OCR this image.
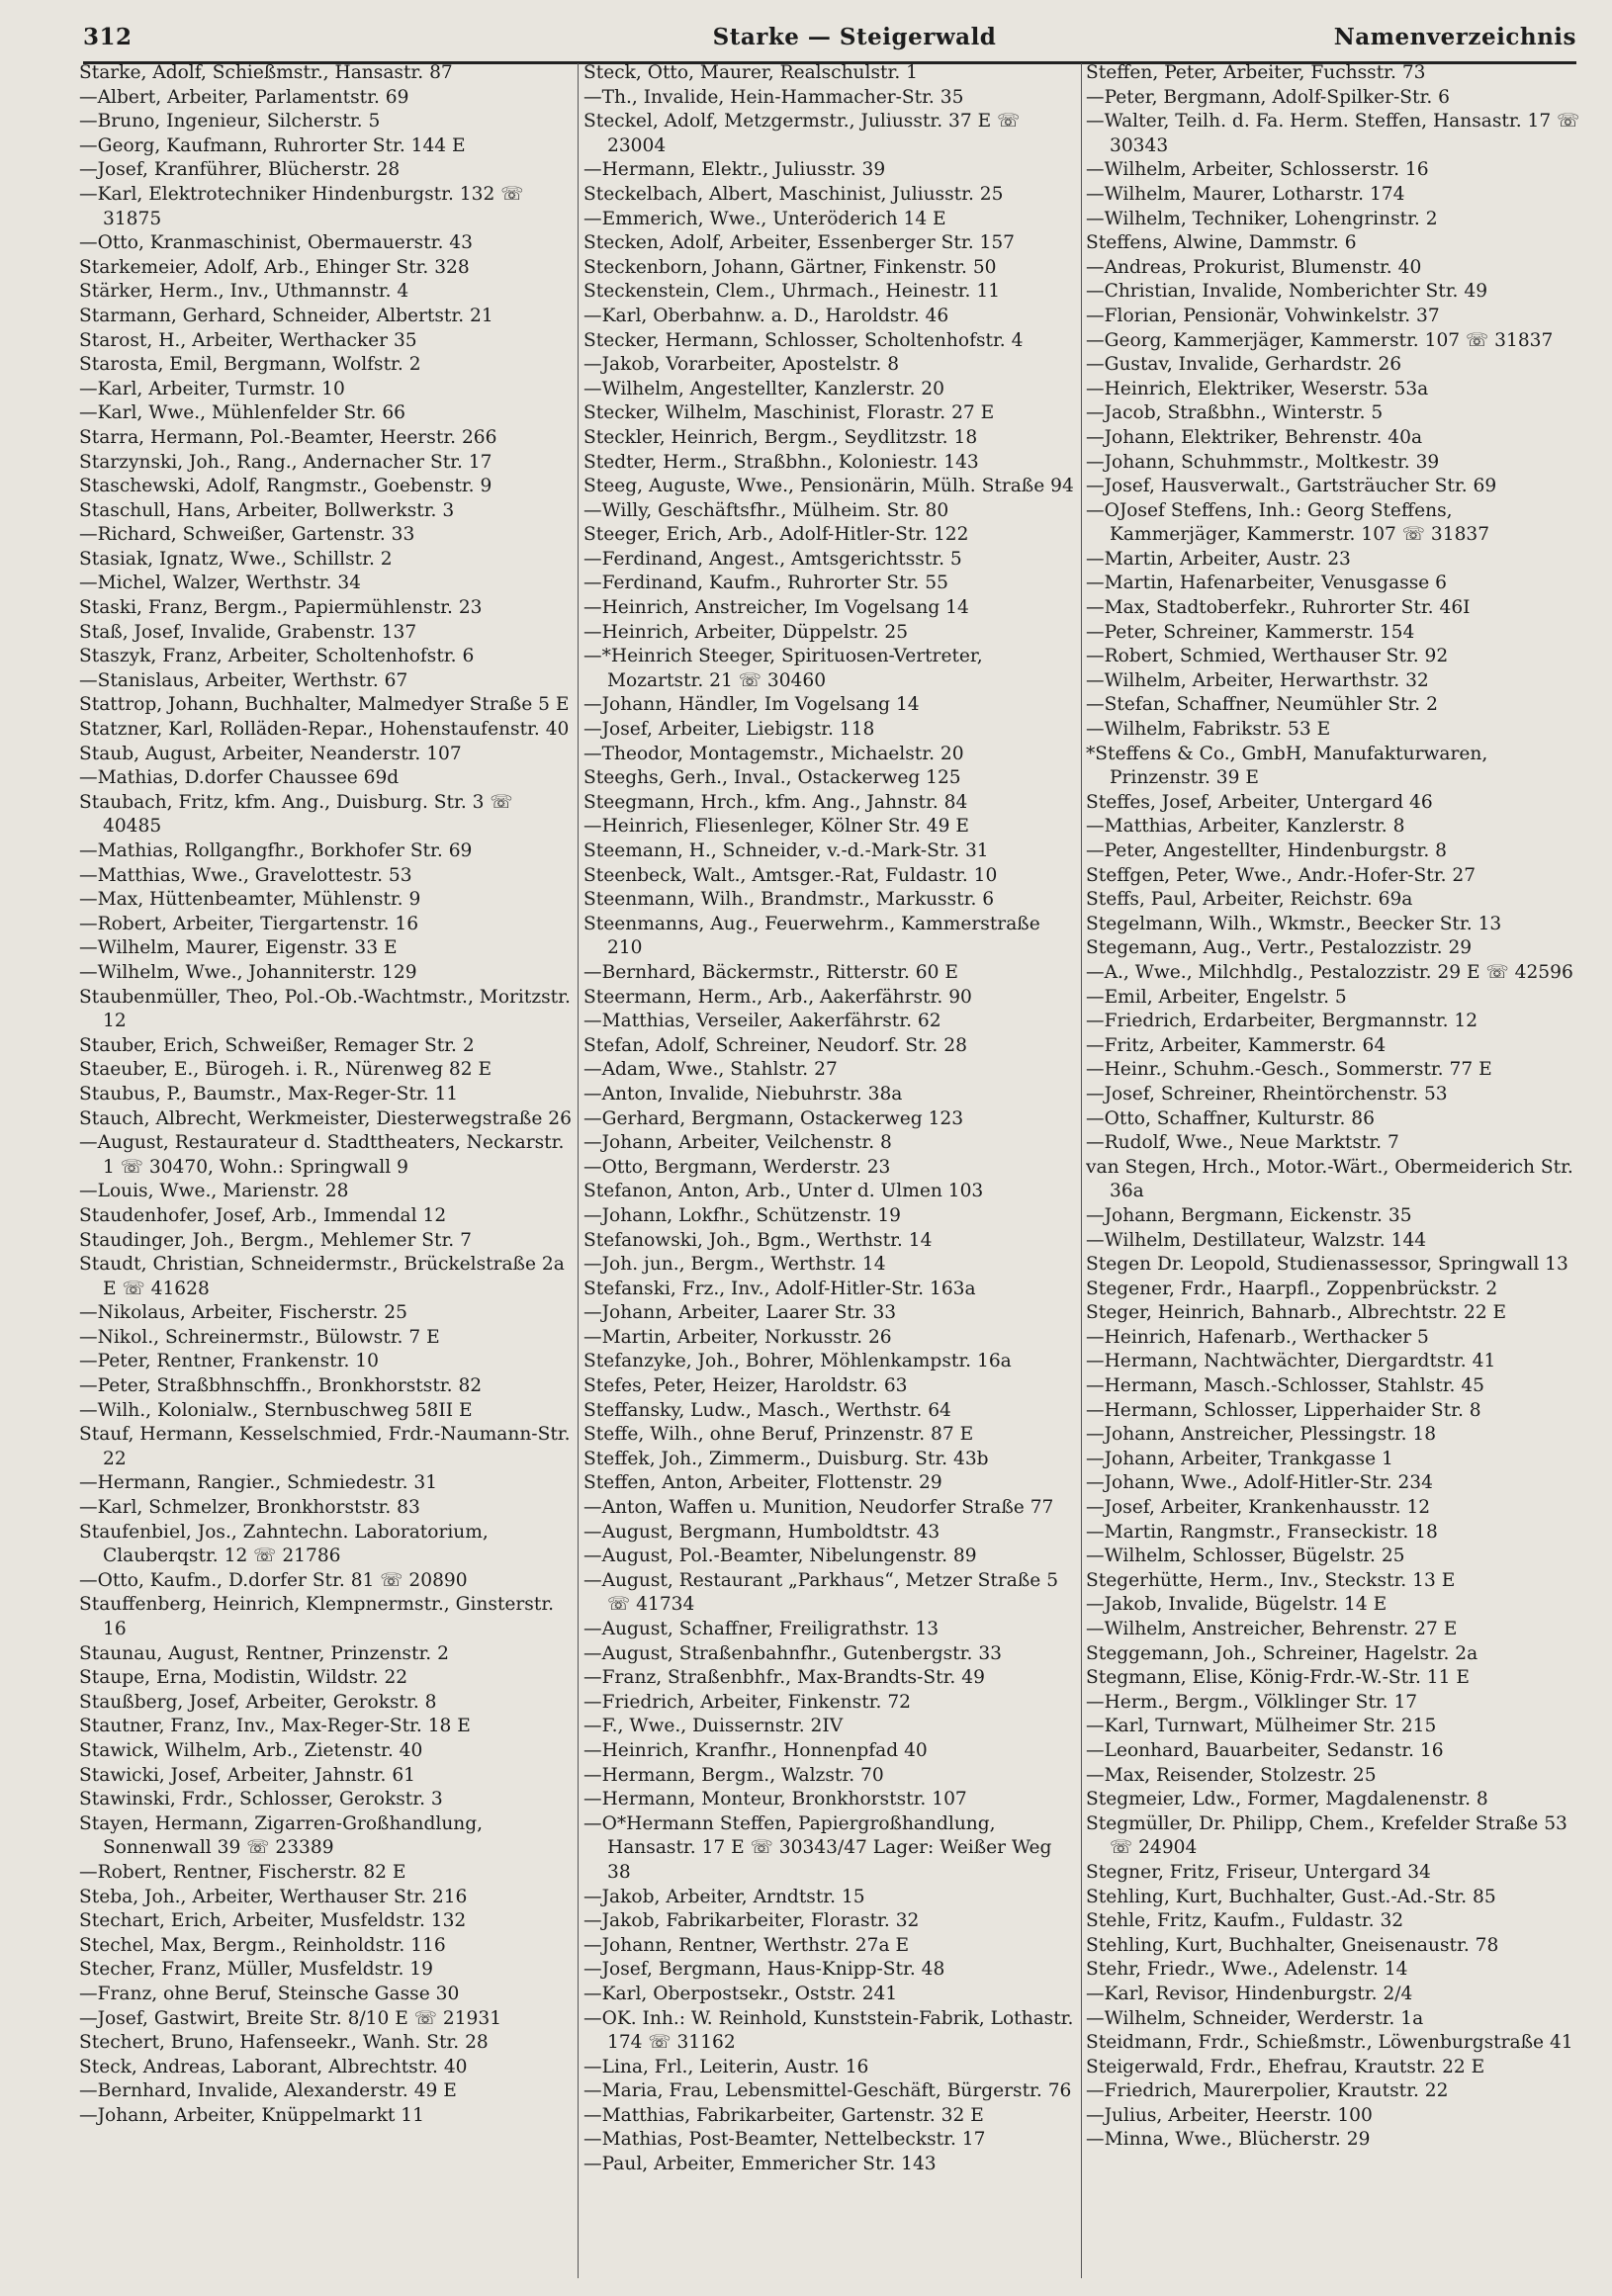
312	Starke — Steigerwald	Namenverzeichnis
Starke, Adolf, Schießmstr., Hansastr. 87
—Albert, Arbeiter, Parlamentstr. 69
—Bruno, Ingenieur, Silcherstr. 5
—Georg, Kaufmann, Ruhrorter Str. 144 E
—Josef, Kranführer, Blücherstr. 28
—Karl, Elektrotechniker Hindenburgstr. 132 ☏ 31875
—Otto, Kranmaschinist, Obermauerstr. 43
Starkemeier, Adolf, Arb., Ehinger Str. 328
Stärker, Herm., Inv., Uthmannstr. 4
Starmann, Gerhard, Schneider, Albertstr. 21
Starost, H., Arbeiter, Werthacker 35
Starosta, Emil, Bergmann, Wolfstr. 2
—Karl, Arbeiter, Turmstr. 10
—Karl, Wwe., Mühlenfelder Str. 66
Starra, Hermann, Pol.-Beamter, Heerstr. 266
Starzynski, Joh., Rang., Andernacher Str. 17
Staschewski, Adolf, Rangmstr., Goebenstr. 9
Staschull, Hans, Arbeiter, Bollwerkstr. 3
—Richard, Schweißer, Gartenstr. 33
Stasiak, Ignatz, Wwe., Schillstr. 2
—Michel, Walzer, Werthstr. 34
Staski, Franz, Bergm., Papiermühlenstr. 23
Staß, Josef, Invalide, Grabenstr. 137
Staszyk, Franz, Arbeiter, Scholtenhofstr. 6
—Stanislaus, Arbeiter, Werthstr. 67
Stattrop, Johann, Buchhalter, Malmedyer Straße 5 E
Statzner, Karl, Rolläden-Repar., Hohenstaufenstr. 40
Staub, August, Arbeiter, Neanderstr. 107
—Mathias, D.dorfer Chaussee 69d
Staubach, Fritz, kfm. Ang., Duisburg. Str. 3 ☏ 40485
—Mathias, Rollgangfhr., Borkhofer Str. 69
—Matthias, Wwe., Gravelottestr. 53
—Max, Hüttenbeamter, Mühlenstr. 9
—Robert, Arbeiter, Tiergartenstr. 16
—Wilhelm, Maurer, Eigenstr. 33 E
—Wilhelm, Wwe., Johanniterstr. 129
Staubenmüller, Theo, Pol.-Ob.-Wachtmstr., Moritzstr. 12
Stauber, Erich, Schweißer, Remager Str. 2
Staeuber, E., Bürogeh. i. R., Nürenweg 82 E
Staubus, P., Baumstr., Max-Reger-Str. 11
Stauch, Albrecht, Werkmeister, Diesterwegstraße 26
—August, Restaurateur d. Stadttheaters, Neckarstr. 1 ☏ 30470, Wohn.: Springwall 9
—Louis, Wwe., Marienstr. 28
Staudenhofer, Josef, Arb., Immendal 12
Staudinger, Joh., Bergm., Mehlemer Str. 7
Staudt, Christian, Schneidermstr., Brückelstraße 2a E ☏ 41628
—Nikolaus, Arbeiter, Fischerstr. 25
—Nikol., Schreinermstr., Bülowstr. 7 E
—Peter, Rentner, Frankenstr. 10
—Peter, Straßbhnschffn., Bronkhorststr. 82
—Wilh., Kolonialw., Sternbuschweg 58II E
Stauf, Hermann, Kesselschmied, Frdr.-Naumann-Str. 22
—Hermann, Rangier., Schmiedestr. 31
—Karl, Schmelzer, Bronkhorststr. 83
Staufenbiel, Jos., Zahntechn. Laboratorium, Clauberqstr. 12 ☏ 21786
—Otto, Kaufm., D.dorfer Str. 81 ☏ 20890
Stauffenberg, Heinrich, Klempnermstr., Ginsterstr. 16
Staunau, August, Rentner, Prinzenstr. 2
Staupe, Erna, Modistin, Wildstr. 22
Staußberg, Josef, Arbeiter, Gerokstr. 8
Stautner, Franz, Inv., Max-Reger-Str. 18 E
Stawick, Wilhelm, Arb., Zietenstr. 40
Stawicki, Josef, Arbeiter, Jahnstr. 61
Stawinski, Frdr., Schlosser, Gerokstr. 3
Stayen, Hermann, Zigarren-Großhandlung, Sonnenwall 39 ☏ 23389
—Robert, Rentner, Fischerstr. 82 E
Steba, Joh., Arbeiter, Werthauser Str. 216
Stechart, Erich, Arbeiter, Musfeldstr. 132
Stechel, Max, Bergm., Reinholdstr. 116
Stecher, Franz, Müller, Musfeldstr. 19
—Franz, ohne Beruf, Steinsche Gasse 30
—Josef, Gastwirt, Breite Str. 8/10 E ☏ 21931
Stechert, Bruno, Hafenseekr., Wanh. Str. 28
Steck, Andreas, Laborant, Albrechtstr. 40
—Bernhard, Invalide, Alexanderstr. 49 E
—Johann, Arbeiter, Knüppelmarkt 11
Steck, Otto, Maurer, Realschulstr. 1
—Th., Invalide, Hein-Hammacher-Str. 35
Steckel, Adolf, Metzgermstr., Juliusstr. 37 E ☏ 23004
—Hermann, Elektr., Juliusstr. 39
Steckelbach, Albert, Maschinist, Juliusstr. 25
—Emmerich, Wwe., Unteröderich 14 E
Stecken, Adolf, Arbeiter, Essenberger Str. 157
Steckenborn, Johann, Gärtner, Finkenstr. 50
Steckenstein, Clem., Uhrmach., Heinestr. 11
—Karl, Oberbahnw. a. D., Haroldstr. 46
Stecker, Hermann, Schlosser, Scholtenhofstr. 4
—Jakob, Vorarbeiter, Apostelstr. 8
—Wilhelm, Angestellter, Kanzlerstr. 20
Stecker, Wilhelm, Maschinist, Florastr. 27 E
Steckler, Heinrich, Bergm., Seydlitzstr. 18
Stedter, Herm., Straßbhn., Koloniestr. 143
Steeg, Auguste, Wwe., Pensionärin, Mülh. Straße 94
—Willy, Geschäftsfhr., Mülheim. Str. 80
Steeger, Erich, Arb., Adolf-Hitler-Str. 122
—Ferdinand, Angest., Amtsgerichtsstr. 5
—Ferdinand, Kaufm., Ruhrorter Str. 55
—Heinrich, Anstreicher, Im Vogelsang 14
—Heinrich, Arbeiter, Düppelstr. 25
—*Heinrich Steeger, Spirituosen-Vertreter, Mozartstr. 21 ☏ 30460
—Johann, Händler, Im Vogelsang 14
—Josef, Arbeiter, Liebigstr. 118
—Theodor, Montagemstr., Michaelstr. 20
Steeghs, Gerh., Inval., Ostackerweg 125
Steegmann, Hrch., kfm. Ang., Jahnstr. 84
—Heinrich, Fliesenleger, Kölner Str. 49 E
Steemann, H., Schneider, v.-d.-Mark-Str. 31
Steenbeck, Walt., Amtsger.-Rat, Fuldastr. 10
Steenmann, Wilh., Brandmstr., Markusstr. 6
Steenmanns, Aug., Feuerwehrm., Kammerstraße 210
—Bernhard, Bäckermstr., Ritterstr. 60 E
Steermann, Herm., Arb., Aakerfährstr. 90
—Matthias, Verseiler, Aakerfährstr. 62
Stefan, Adolf, Schreiner, Neudorf. Str. 28
—Adam, Wwe., Stahlstr. 27
—Anton, Invalide, Niebuhrstr. 38a
—Gerhard, Bergmann, Ostackerweg 123
—Johann, Arbeiter, Veilchenstr. 8
—Otto, Bergmann, Werderstr. 23
Stefanon, Anton, Arb., Unter d. Ulmen 103
—Johann, Lokfhr., Schützenstr. 19
Stefanowski, Joh., Bgm., Werthstr. 14
—Joh. jun., Bergm., Werthstr. 14
Stefanski, Frz., Inv., Adolf-Hitler-Str. 163a
—Johann, Arbeiter, Laarer Str. 33
—Martin, Arbeiter, Norkusstr. 26
Stefanzyke, Joh., Bohrer, Möhlenkampstr. 16a
Stefes, Peter, Heizer, Haroldstr. 63
Steffansky, Ludw., Masch., Werthstr. 64
Steffe, Wilh., ohne Beruf, Prinzenstr. 87 E
Steffek, Joh., Zimmerm., Duisburg. Str. 43b
Steffen, Anton, Arbeiter, Flottenstr. 29
—Anton, Waffen u. Munition, Neudorfer Straße 77
—August, Bergmann, Humboldtstr. 43
—August, Pol.-Beamter, Nibelungenstr. 89
—August, Restaurant „Parkhaus“, Metzer Straße 5 ☏ 41734
—August, Schaffner, Freiligrathstr. 13
—August, Straßenbahnfhr., Gutenbergstr. 33
—Franz, Straßenbhfr., Max-Brandts-Str. 49
—Friedrich, Arbeiter, Finkenstr. 72
—F., Wwe., Duissernstr. 2IV
—Heinrich, Kranfhr., Honnenpfad 40
—Hermann, Bergm., Walzstr. 70
—Hermann, Monteur, Bronkhorststr. 107
—O*Hermann Steffen, Papiergroßhandlung, Hansastr. 17 E ☏ 30343/47 Lager: Weißer Weg 38
—Jakob, Arbeiter, Arndtstr. 15
—Jakob, Fabrikarbeiter, Florastr. 32
—Johann, Rentner, Werthstr. 27a E
—Josef, Bergmann, Haus-Knipp-Str. 48
—Karl, Oberpostsekr., Oststr. 241
—OK. Inh.: W. Reinhold, Kunststein-Fabrik, Lothastr. 174 ☏ 31162
—Lina, Frl., Leiterin, Austr. 16
—Maria, Frau, Lebensmittel-Geschäft, Bürgerstr. 76
—Matthias, Fabrikarbeiter, Gartenstr. 32 E
—Mathias, Post-Beamter, Nettelbeckstr. 17
—Paul, Arbeiter, Emmericher Str. 143
Steffen, Peter, Arbeiter, Fuchsstr. 73
—Peter, Bergmann, Adolf-Spilker-Str. 6
—Walter, Teilh. d. Fa. Herm. Steffen, Hansastr. 17 ☏ 30343
—Wilhelm, Arbeiter, Schlosserstr. 16
—Wilhelm, Maurer, Lotharstr. 174
—Wilhelm, Techniker, Lohengrinstr. 2
Steffens, Alwine, Dammstr. 6
—Andreas, Prokurist, Blumenstr. 40
—Christian, Invalide, Nomberichter Str. 49
—Florian, Pensionär, Vohwinkelstr. 37
—Georg, Kammerjäger, Kammerstr. 107 ☏ 31837
—Gustav, Invalide, Gerhardstr. 26
—Heinrich, Elektriker, Weserstr. 53a
—Jacob, Straßbhn., Winterstr. 5
—Johann, Elektriker, Behrenstr. 40a
—Johann, Schuhmmstr., Moltkestr. 39
—Josef, Hausverwalt., Gartsträucher Str. 69
—OJosef Steffens, Inh.: Georg Steffens, Kammerjäger, Kammerstr. 107 ☏ 31837
—Martin, Arbeiter, Austr. 23
—Martin, Hafenarbeiter, Venusgasse 6
—Max, Stadtoberfekr., Ruhrorter Str. 46I
—Peter, Schreiner, Kammerstr. 154
—Robert, Schmied, Werthauser Str. 92
—Wilhelm, Arbeiter, Herwarthstr. 32
—Stefan, Schaffner, Neumühler Str. 2
—Wilhelm, Fabrikstr. 53 E
*Steffens & Co., GmbH, Manufakturwaren, Prinzenstr. 39 E
Steffes, Josef, Arbeiter, Untergard 46
—Matthias, Arbeiter, Kanzlerstr. 8
—Peter, Angestellter, Hindenburgstr. 8
Steffgen, Peter, Wwe., Andr.-Hofer-Str. 27
Steffs, Paul, Arbeiter, Reichstr. 69a
Stegelmann, Wilh., Wkmstr., Beecker Str. 13
Stegemann, Aug., Vertr., Pestalozzistr. 29
—A., Wwe., Milchhdlg., Pestalozzistr. 29 E ☏ 42596
—Emil, Arbeiter, Engelstr. 5
—Friedrich, Erdarbeiter, Bergmannstr. 12
—Fritz, Arbeiter, Kammerstr. 64
—Heinr., Schuhm.-Gesch., Sommerstr. 77 E
—Josef, Schreiner, Rheintörchenstr. 53
—Otto, Schaffner, Kulturstr. 86
—Rudolf, Wwe., Neue Marktstr. 7
van Stegen, Hrch., Motor.-Wärt., Obermeiderich Str. 36a
—Johann, Bergmann, Eickenstr. 35
—Wilhelm, Destillateur, Walzstr. 144
Stegen Dr. Leopold, Studienassessor, Springwall 13
Stegener, Frdr., Haarpfl., Zoppenbrückstr. 2
Steger, Heinrich, Bahnarb., Albrechtstr. 22 E
—Heinrich, Hafenarb., Werthacker 5
—Hermann, Nachtwächter, Diergardtstr. 41
—Hermann, Masch.-Schlosser, Stahlstr. 45
—Hermann, Schlosser, Lipperhaider Str. 8
—Johann, Anstreicher, Plessingstr. 18
—Johann, Arbeiter, Trankgasse 1
—Johann, Wwe., Adolf-Hitler-Str. 234
—Josef, Arbeiter, Krankenhausstr. 12
—Martin, Rangmstr., Franseckistr. 18
—Wilhelm, Schlosser, Bügelstr. 25
Stegerhütte, Herm., Inv., Steckstr. 13 E
—Jakob, Invalide, Bügelstr. 14 E
—Wilhelm, Anstreicher, Behrenstr. 27 E
Steggemann, Joh., Schreiner, Hagelstr. 2a
Stegmann, Elise, König-Frdr.-W.-Str. 11 E
—Herm., Bergm., Völklinger Str. 17
—Karl, Turnwart, Mülheimer Str. 215
—Leonhard, Bauarbeiter, Sedanstr. 16
—Max, Reisender, Stolzestr. 25
Stegmeier, Ldw., Former, Magdalenenstr. 8
Stegmüller, Dr. Philipp, Chem., Krefelder Straße 53 ☏ 24904
Stegner, Fritz, Friseur, Untergard 34
Stehling, Kurt, Buchhalter, Gust.-Ad.-Str. 85
Stehle, Fritz, Kaufm., Fuldastr. 32
Stehling, Kurt, Buchhalter, Gneisenaustr. 78
Stehr, Friedr., Wwe., Adelenstr. 14
—Karl, Revisor, Hindenburgstr. 2/4
—Wilhelm, Schneider, Werderstr. 1a
Steidmann, Frdr., Schießmstr., Löwenburgstraße 41
Steigerwald, Frdr., Ehefrau, Krautstr. 22 E
—Friedrich, Maurerpolier, Krautstr. 22
—Julius, Arbeiter, Heerstr. 100
—Minna, Wwe., Blücherstr. 29
